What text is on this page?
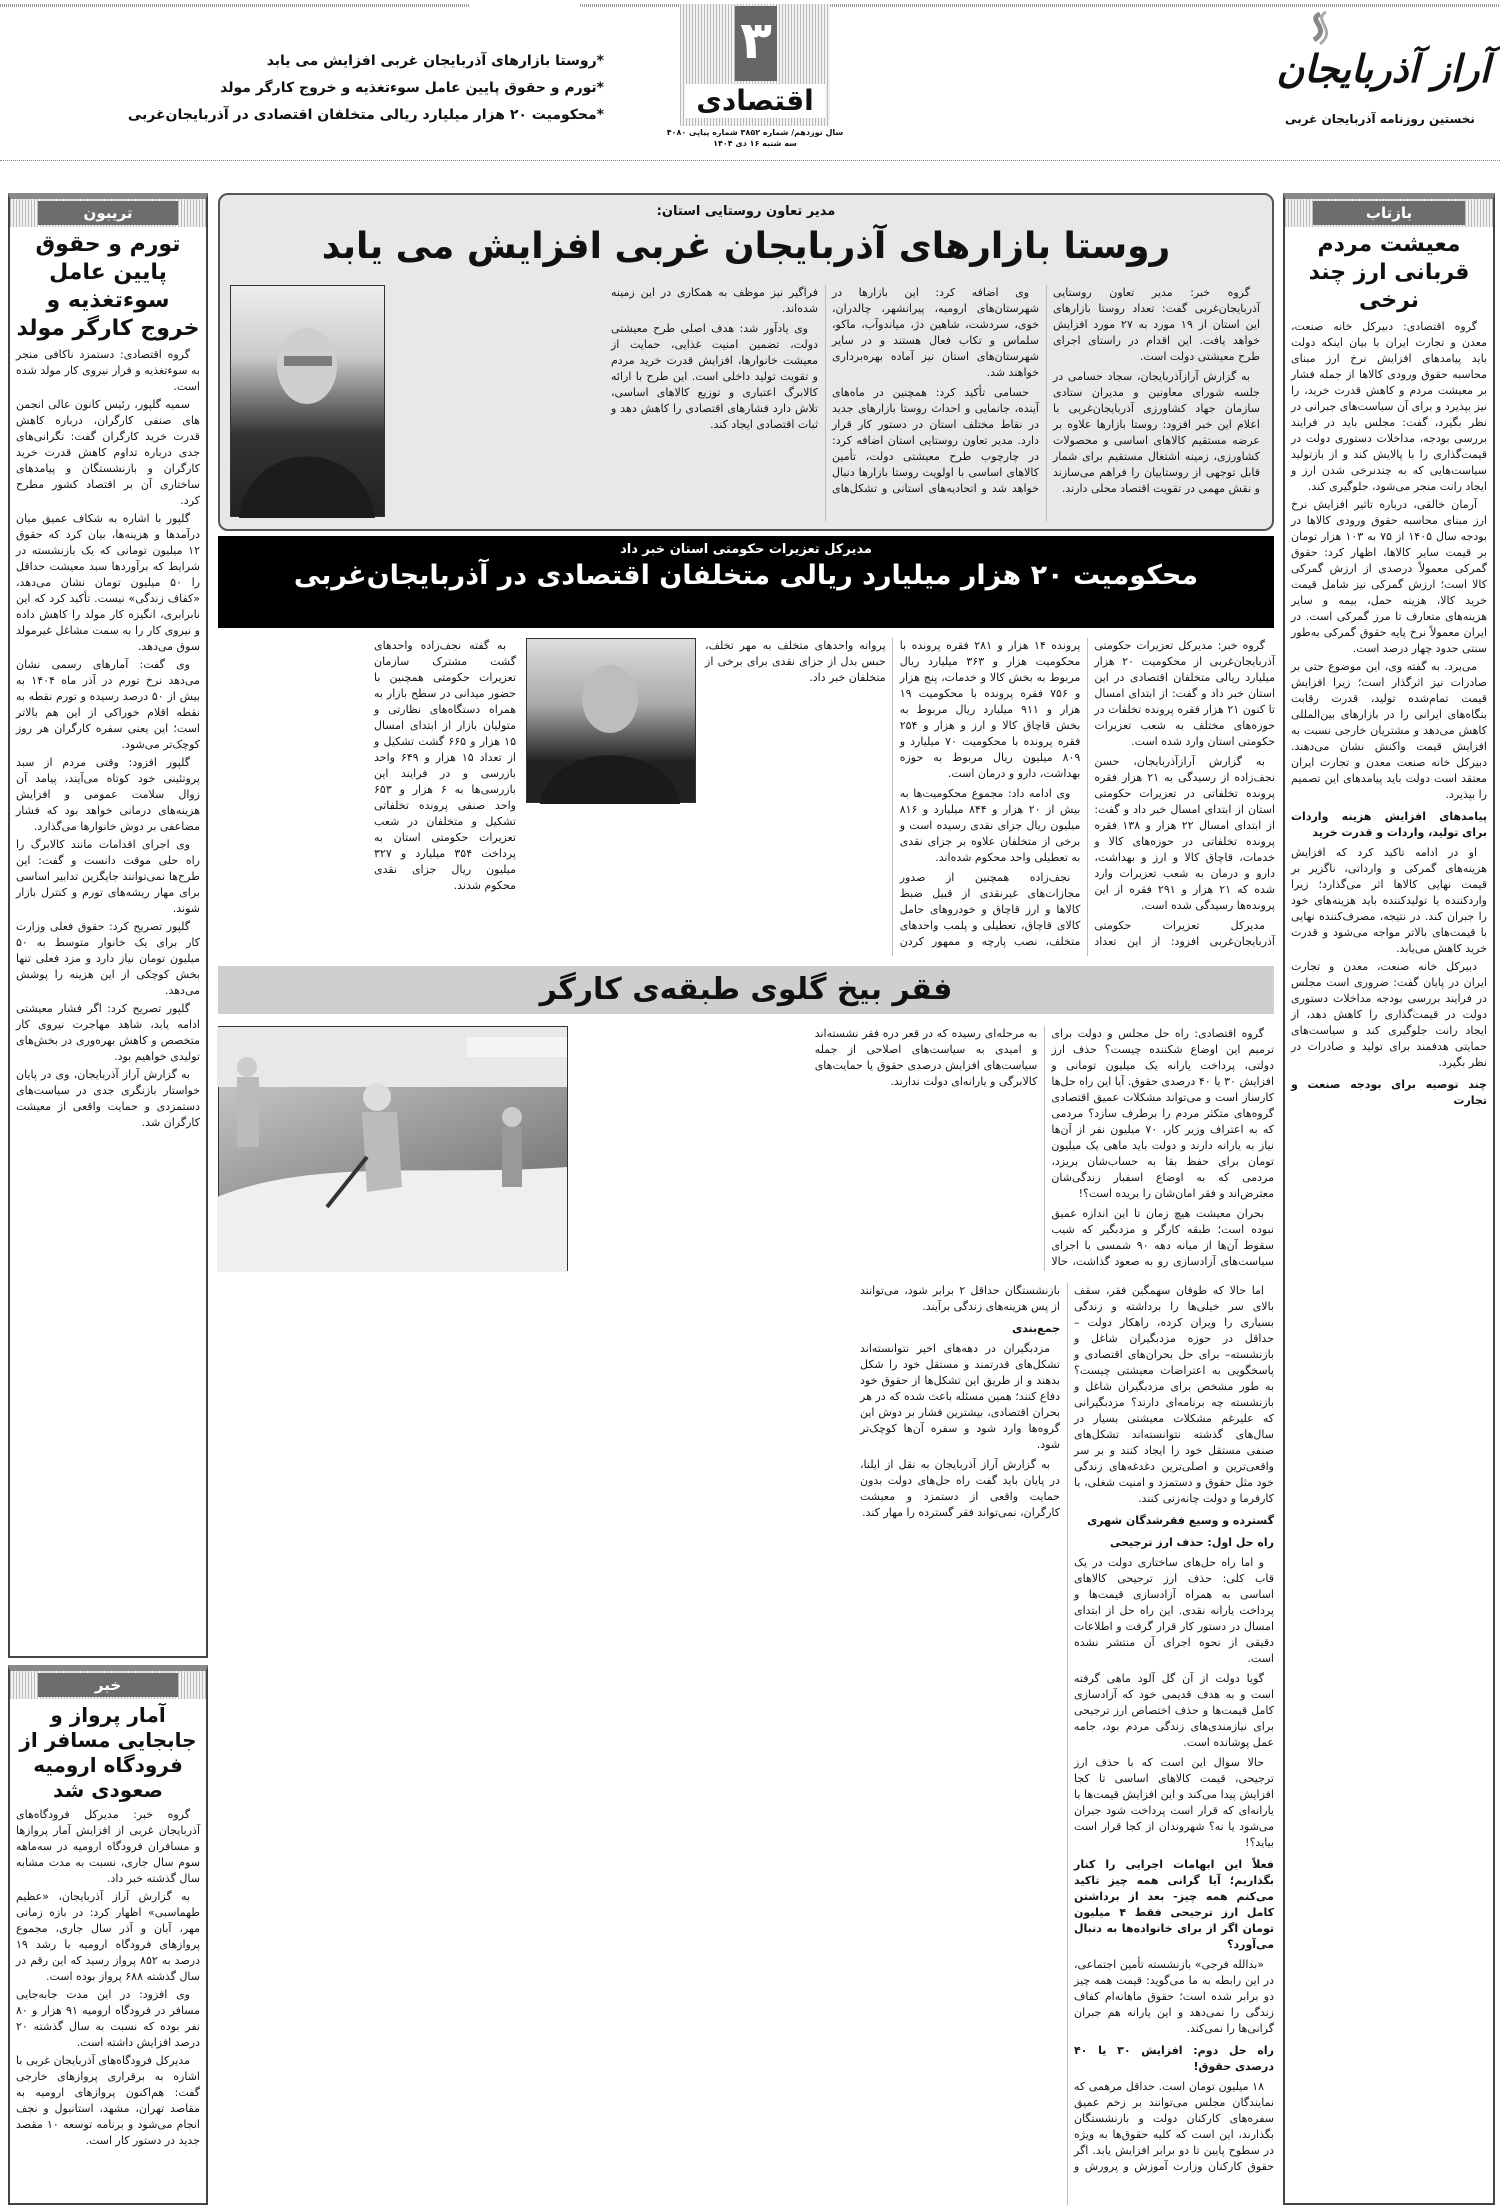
آراز آذربایجان
نخستین روزنامه آذربایجان غربی
۳
اقتصادی
سال نوزدهم/ شماره ۳۸۵۲ شماره پیاپی ۴۰۸۰
سه شنبه ۱۶ دی ۱۴۰۴
*روستا بازارهای آذربایجان غربی افزایش می یابد
*تورم و حقوق پایین عامل سوءتغذیه و خروج کارگر مولد
*محکومیت ۲۰ هزار میلیارد ریالی متخلفان اقتصادی در آذربایجان‌غربی
تریبون
تورم و حقوق پایین عامل سوءتغذیه و خروج کارگر مولد

گروه اقتصادی: دستمزد ناکافی منجر به سوءتغذیه و فرار نیروی کار مولد شده است.

سمیه گلپور، رئیس کانون عالی انجمن های صنفی کارگران، درباره کاهش قدرت خرید کارگران گفت: نگرانی‌های جدی درباره تداوم کاهش قدرت خرید کارگران و بازنشستگان و پیامدهای ساختاری آن بر اقتصاد کشور مطرح کرد.

گلپور با اشاره به شکاف عمیق میان درآمدها و هزینه‌ها، بیان کرد که حقوق ۱۲ میلیون تومانی که یک بازنشسته در شرایط که برآوردها سبد معیشت حداقل را ۵۰ میلیون تومان نشان می‌دهد، «کفاف زندگی» نیست. تأکید کرد که این نابرابری، انگیزه کار مولد را کاهش داده و نیروی کار را به سمت مشاغل غیرمولد سوق می‌دهد.

وی گفت: آمارهای رسمی نشان می‌دهد نرخ تورم در آذر ماه ۱۴۰۴ به بیش از ۵۰ درصد رسیده و تورم نقطه به نقطه اقلام خوراکی از این هم بالاتر است؛ این یعنی سفره کارگران هر روز کوچک‌تر می‌شود.

گلپور افزود: وقتی مردم از سبد پروتئینی خود کوتاه می‌آیند، پیامد آن زوال سلامت عمومی و افزایش هزینه‌های درمانی خواهد بود که فشار مضاعفی بر دوش خانوارها می‌گذارد.

وی اجرای اقدامات مانند کالابرگ را راه حلی موقت دانست و گفت: این طرح‌ها نمی‌توانند جایگزین تدابیر اساسی برای مهار ریشه‌های تورم و کنترل بازار شوند.

گلپور تصریح کرد: حقوق فعلی وزارت کار برای یک خانوار متوسط به ۵۰ میلیون تومان نیاز دارد و مزد فعلی تنها بخش کوچکی از این هزینه را پوشش می‌دهد.

گلپور تصریح کرد: اگر فشار معیشتی ادامه یابد، شاهد مهاجرت نیروی کار متخصص و کاهش بهره‌وری در بخش‌های تولیدی خواهیم بود.

به گزارش آراز آذربایجان، وی در پایان خواستار بازنگری جدی در سیاست‌های دستمزدی و حمایت واقعی از معیشت کارگران شد.

خبر
آمار پرواز و جابجایی مسافر از فرودگاه ارومیه صعودی شد

گروه خبر: مدیرکل فرودگاه‌های آذربایجان غربی از افزایش آمار پروازها و مسافران فرودگاه ارومیه در سه‌ماهه سوم سال جاری، نسبت به مدت مشابه سال گذشته خبر داد.

به گزارش آراز آذربایجان، «عظیم طهماسبی» اظهار کرد: در بازه زمانی مهر، آبان و آذر سال جاری، مجموع پروازهای فرودگاه ارومیه با رشد ۱۹ درصد به ۸۵۲ پرواز رسید که این رقم در سال گذشته ۶۸۸ پرواز بوده است.

وی افزود: در این مدت جابه‌جایی مسافر در فرودگاه ارومیه ۹۱ هزار و ۸۰ نفر بوده که نسبت به سال گذشته ۲۰ درصد افزایش داشته است.

مدیرکل فرودگاه‌های آذربایجان غربی با اشاره به برقراری پروازهای خارجی گفت: هم‌اکنون پروازهای ارومیه به مقاصد تهران، مشهد، استانبول و نجف انجام می‌شود و برنامه توسعه ۱۰ مقصد جدید در دستور کار است.

بازتاب
معیشت مردم قربانی ارز چند نرخی

گروه اقتصادی: دبیرکل خانه صنعت، معدن و تجارت ایران با بیان اینکه دولت باید پیامدهای افزایش نرخ ارز مبنای محاسبه حقوق ورودی کالاها از جمله فشار بر معیشت مردم و کاهش قدرت خرید، را نیز بپذیرد و برای آن سیاست‌های جبرانی در نظر بگیرد، گفت: مجلس باید در فرایند بررسی بودجه، مداخلات دستوری دولت در قیمت‌گذاری را با پالایش کند و از بازتولید سیاست‌هایی که به چندنرخی شدن ارز و ایجاد رانت منجر می‌شود، جلوگیری کند.

آرمان خالقی، درباره تاثیر افزایش نرخ ارز مبنای محاسبه حقوق ورودی کالاها در بودجه سال ۱۴۰۵ از ۷۵ به ۱۰۳ هزار تومان بر قیمت سایر کالاها، اظهار کرد: حقوق گمرکی معمولاً درصدی از ارزش گمرکی کالا است؛ ارزش گمرکی نیز شامل قیمت خرید کالا، هزینه حمل، بیمه و سایر هزینه‌های متعارف تا مرز گمرکی است. در ایران معمولاً نرخ پایه حقوق گمرکی به‌طور سنتی حدود چهار درصد است.

می‌برد. به گفته وی، این موضوع حتی بر صادرات نیز اثرگذار است؛ زیرا افزایش قیمت تمام‌شده تولید، قدرت رقابت بنگاه‌های ایرانی را در بازارهای بین‌المللی کاهش می‌دهد و مشتریان خارجی نسبت به افزایش قیمت واکنش نشان می‌دهند. دبیرکل خانه صنعت معدن و تجارت ایران معتقد است دولت باید پیامدهای این تصمیم را بپذیرد.

پیامدهای افزایش هزینه واردات برای تولید، واردات و قدرت خرید

او در ادامه تاکید کرد که افزایش هزینه‌های گمرکی و وارداتی، ناگزیر بر قیمت نهایی کالاها اثر می‌گذارد؛ زیرا واردکننده یا تولیدکننده باید هزینه‌های خود را جبران کند. در نتیجه، مصرف‌کننده نهایی با قیمت‌های بالاتر مواجه می‌شود و قدرت خرید کاهش می‌یابد.

دبیرکل خانه صنعت، معدن و تجارت ایران در پایان گفت: ضروری است مجلس در فرایند بررسی بودجه مداخلات دستوری دولت در قیمت‌گذاری را کاهش دهد، از ایجاد رانت جلوگیری کند و سیاست‌های حمایتی هدفمند برای تولید و صادرات در نظر بگیرد.

چند توصیه برای بودجه صنعت و تجارت
مدیر تعاون روستایی استان:
روستا بازارهای آذربایجان غربی افزایش می یابد

گروه خبر: مدیر تعاون روستایی آذربایجان‌غربی گفت: تعداد روستا بازارهای این استان از ۱۹ مورد به ۲۷ مورد افزایش خواهد یافت. این اقدام در راستای اجرای طرح معیشتی دولت است.

به گزارش آرازآذربایجان، سجاد حسامی در جلسه شورای معاونین و مدیران ستادی سازمان جهاد کشاورزی آذربایجان‌غربی با اعلام این خبر افزود: روستا بازارها علاوه بر عرضه مستقیم کالاهای اساسی و محصولات کشاورزی، زمینه اشتغال مستقیم برای شمار قابل توجهی از روستاییان را فراهم می‌سازند و نقش مهمی در تقویت اقتصاد محلی دارند.

وی اضافه کرد: این بازارها در شهرستان‌های ارومیه، پیرانشهر، چالدران، خوی، سردشت، شاهین دژ، میاندوآب، ماکو، سلماس و تکاب فعال هستند و در سایر شهرستان‌های استان نیز آماده بهره‌برداری خواهند شد.

حسامی تأکید کرد: همچنین در ماه‌های آینده، جانمایی و احداث روستا بازارهای جدید در نقاط مختلف استان در دستور کار قرار دارد. مدیر تعاون روستایی استان اضافه کرد: در چارچوب طرح معیشتی دولت، تأمین کالاهای اساسی با اولویت روستا بازارها دنبال خواهد شد و اتحادیه‌های استانی و تشکل‌های فراگیر نیز موظف به همکاری در این زمینه شده‌اند.

وی یادآور شد: هدف اصلی طرح معیشتی دولت، تضمین امنیت غذایی، حمایت از معیشت خانوارها، افزایش قدرت خرید مردم و تقویت تولید داخلی است. این طرح با ارائه کالابرگ اعتباری و توزیع کالاهای اساسی، تلاش دارد فشارهای اقتصادی را کاهش دهد و ثبات اقتصادی ایجاد کند.

مدیرکل تعزیرات حکومتی استان خبر داد
محکومیت ۲۰ هزار میلیارد ریالی متخلفان اقتصادی در آذربایجان‌غربی

گروه خبر: مدیرکل تعزیرات حکومتی آذربایجان‌غربی از محکومیت ۲۰ هزار میلیارد ریالی متخلفان اقتصادی در این استان خبر داد و گفت: از ابتدای امسال تا کنون ۲۱ هزار فقره پرونده تخلفات در حوزه‌های مختلف به شعب تعزیرات حکومتی استان وارد شده است.

به گزارش آرازآذربایجان، حسن نجف‌زاده از رسیدگی به ۲۱ هزار فقره پرونده تخلفاتی در تعزیرات حکومتی استان از ابتدای امسال خبر داد و گفت: از ابتدای امسال ۲۲ هزار و ۱۳۸ فقره پرونده تخلفاتی در حوزه‌های کالا و خدمات، قاچاق کالا و ارز و بهداشت، دارو و درمان به شعب تعزیرات وارد شده که ۲۱ هزار و ۲۹۱ فقره از این پرونده‌ها رسیدگی شده است.

مدیرکل تعزیرات حکومتی آذربایجان‌غربی افزود: از این تعداد پرونده ۱۴ هزار و ۲۸۱ فقره پرونده با محکومیت هزار و ۳۶۳ میلیارد ریال مربوط به بخش کالا و خدمات، پنج هزار و ۷۵۶ فقره پرونده با محکومیت ۱۹ هزار و ۹۱۱ میلیارد ریال مربوط به بخش قاچاق کالا و ارز و هزار و ۲۵۴ فقره پرونده با محکومیت ۷۰ میلیارد و ۸۰۹ میلیون ریال مربوط به حوزه بهداشت، دارو و درمان است.

وی ادامه داد: مجموع محکومیت‌ها به بیش از ۲۰ هزار و ۸۴۴ میلیارد و ۸۱۶ میلیون ریال جزای نقدی رسیده است و برخی از متخلفان علاوه بر جزای نقدی به تعطیلی واحد محکوم شده‌اند.

نجف‌زاده همچنین از صدور مجازات‌های غیرنقدی از قبیل ضبط کالاها و ارز قاچاق و خودروهای حامل کالای قاچاق، تعطیلی و پلمب واحدهای متخلف، نصب پارچه و ممهور کردن پروانه واحدهای متخلف به مهر تخلف، حبس بدل از جزای نقدی برای برخی از متخلفان خبر داد.

به گفته نجف‌زاده واحدهای گشت مشترک سازمان تعزیرات حکومتی همچنین با حضور میدانی در سطح بازار به همراه دستگاه‌های نظارتی و متولیان بازار از ابتدای امسال ۱۵ هزار و ۶۶۵ گشت تشکیل و از تعداد ۱۵ هزار و ۶۴۹ واحد بازرسی و در فرایند این بازرسی‌ها به ۶ هزار و ۶۵۳ واحد صنفی پرونده تخلفاتی تشکیل و متخلفان در شعب تعزیرات حکومتی استان به پرداخت ۳۵۴ میلیارد و ۳۲۷ میلیون ریال جزای نقدی محکوم شدند.

فقر بیخ گلوی طبقه‌ی کارگر

گروه اقتصادی: راه حل مجلس و دولت برای ترمیم این اوضاع شکننده چیست؟ حذف ارز دولتی، پرداخت یارانه یک میلیون تومانی و افزایش ۳۰ یا ۴۰ درصدی حقوق. آیا این راه حل‌ها کارساز است و می‌تواند مشکلات عمیق اقتصادی گروه‌های متکثر مردم را برطرف سازد؟ مردمی که به اعتراف وزیر کار، ۷۰ میلیون نفر از آن‌ها نیاز به یارانه دارند و دولت باید ماهی یک میلیون تومان برای حفظ بقا به حساب‌شان بریزد، مردمی که به اوضاع اسفبار زندگی‌شان معترض‌اند و فقر امان‌شان را بریده است؟!

بحران معیشت هیچ زمان تا این اندازه عمیق نبوده است؛ طبقه کارگر و مزدبگیر که شیب سقوط آن‌ها از میانه دهه ۹۰ شمسی با اجرای سیاست‌های آزادسازی رو به صعود گذاشت، حالا به مرحله‌ای رسیده که در قعر دره فقر نشسته‌اند و امیدی به سیاست‌های اصلاحی از جمله سیاست‌های افزایش درصدی حقوق یا حمایت‌های کالابرگی و یارانه‌ای دولت ندارند.

اما حالا که طوفان سهمگین فقر، سقف بالای سر خیلی‌ها را برداشته و زندگی بسیاری را ویران کرده، راهکار دولت –حداقل در حوزه مزدبگیران شاغل و بازنشسته– برای حل بحران‌های اقتصادی و پاسخگویی به اعتراضات معیشتی چیست؟ به طور مشخص برای مزدبگیران شاغل و بازنشسته چه برنامه‌ای دارند؟ مزدبگیرانی که علیرغم مشکلات معیشتی بسیار در سال‌های گذشته نتوانسته‌اند تشکل‌های صنفی مستقل خود را ایجاد کنند و بر سر واقعی‌ترین و اصلی‌ترین دغدغه‌های زندگی خود مثل حقوق و دستمزد و امنیت شغلی، با کارفرما و دولت چانه‌زنی کنند.

گسترده و وسیع فقرشدگان شهری
راه حل اول: حذف ارز ترجیحی

و اما راه حل‌های ساختاری دولت در یک قاب کلی: حذف ارز ترجیحی کالاهای اساسی به همراه آزادسازی قیمت‌ها و پرداخت یارانه نقدی. این راه حل از ابتدای امسال در دستور کار قرار گرفت و اطلاعات دقیقی از نحوه اجرای آن منتشر نشده است.

گویا دولت از آن گل آلود ماهی گرفته است و به هدف قدیمی خود که آزادسازی کامل قیمت‌ها و حذف اختصاص ارز ترجیحی برای نیازمندی‌های زندگی مردم بود، جامه عمل پوشانده است.

حالا سوال این است که با حذف ارز ترجیحی، قیمت کالاهای اساسی تا کجا افزایش پیدا می‌کند و این افزایش قیمت‌ها با یارانه‌ای که قرار است پرداخت شود جبران می‌شود یا نه؟ شهروندان از کجا قرار است بیاید؟!

فعلاً این ابهامات اجرایی را کنار بگذاریم؛ آیا گرانی همه چیز تاکید می‌کنم همه چیز- بعد از برداشتن کامل ارز ترجیحی فقط ۴ میلیون تومان اگر از برای خانواده‌ها به دنبال می‌آورد؟

«بدالله فرجی» بازنشسته تأمین اجتماعی، در این رابطه به ما می‌گوید: قیمت همه چیز دو برابر شده است؛ حقوق ماهانه‌ام کفاف زندگی را نمی‌دهد و این یارانه هم جبران گرانی‌ها را نمی‌کند.

راه حل دوم: افزایش ۳۰ یا ۴۰ درصدی حقوق!

۱۸ میلیون تومان است. حداقل مرهمی که نمایندگان مجلس می‌توانند بر زخم عمیق سفره‌های کارکنان دولت و بازنشستگان بگذارند، این است که کلیه حقوق‌ها به ویژه در سطوح پایین تا دو برابر افزایش یابد. اگر حقوق کارکنان وزارت آموزش و پرورش و بازنشستگان حداقل ۲ برابر شود، می‌توانند از پس هزینه‌های زندگی برآیند.

جمع‌بندی

مزدبگیران در دهه‌های اخیر نتوانسته‌اند تشکل‌های قدرتمند و مستقل خود را شکل بدهند و از طریق این تشکل‌ها از حقوق خود دفاع کنند؛ همین مسئله باعث شده که در هر بحران اقتصادی، بیشترین فشار بر دوش این گروه‌ها وارد شود و سفره آن‌ها کوچک‌تر شود.

به گزارش آراز آذربایجان به نقل از ایلنا، در پایان باید گفت راه حل‌های دولت بدون حمایت واقعی از دستمزد و معیشت کارگران، نمی‌تواند فقر گسترده را مهار کند.
